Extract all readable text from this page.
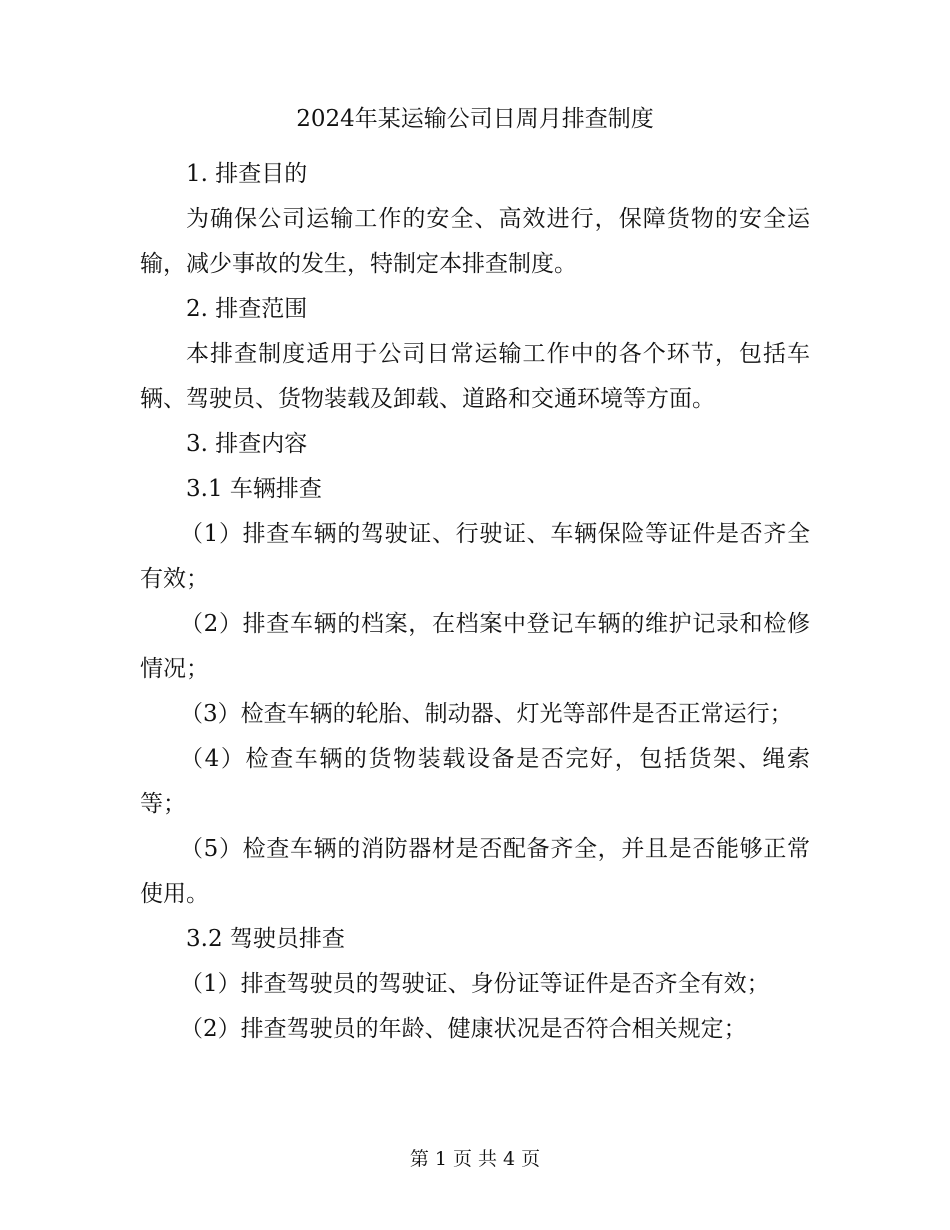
2024年某运输公司日周月排查制度

1. 排查目的

为确保公司运输工作的安全、高效进行，保障货物的安全运输，减少事故的发生，特制定本排查制度。

2. 排查范围

本排查制度适用于公司日常运输工作中的各个环节，包括车辆、驾驶员、货物装载及卸载、道路和交通环境等方面。

3. 排查内容

3.1 车辆排查

（1）排查车辆的驾驶证、行驶证、车辆保险等证件是否齐全有效；

（2）排查车辆的档案，在档案中登记车辆的维护记录和检修情况；

（3）检查车辆的轮胎、制动器、灯光等部件是否正常运行；

（4）检查车辆的货物装载设备是否完好，包括货架、绳索等；

（5）检查车辆的消防器材是否配备齐全，并且是否能够正常使用。

3.2 驾驶员排查

（1）排查驾驶员的驾驶证、身份证等证件是否齐全有效；

（2）排查驾驶员的年龄、健康状况是否符合相关规定；

第 1 页 共 4 页
